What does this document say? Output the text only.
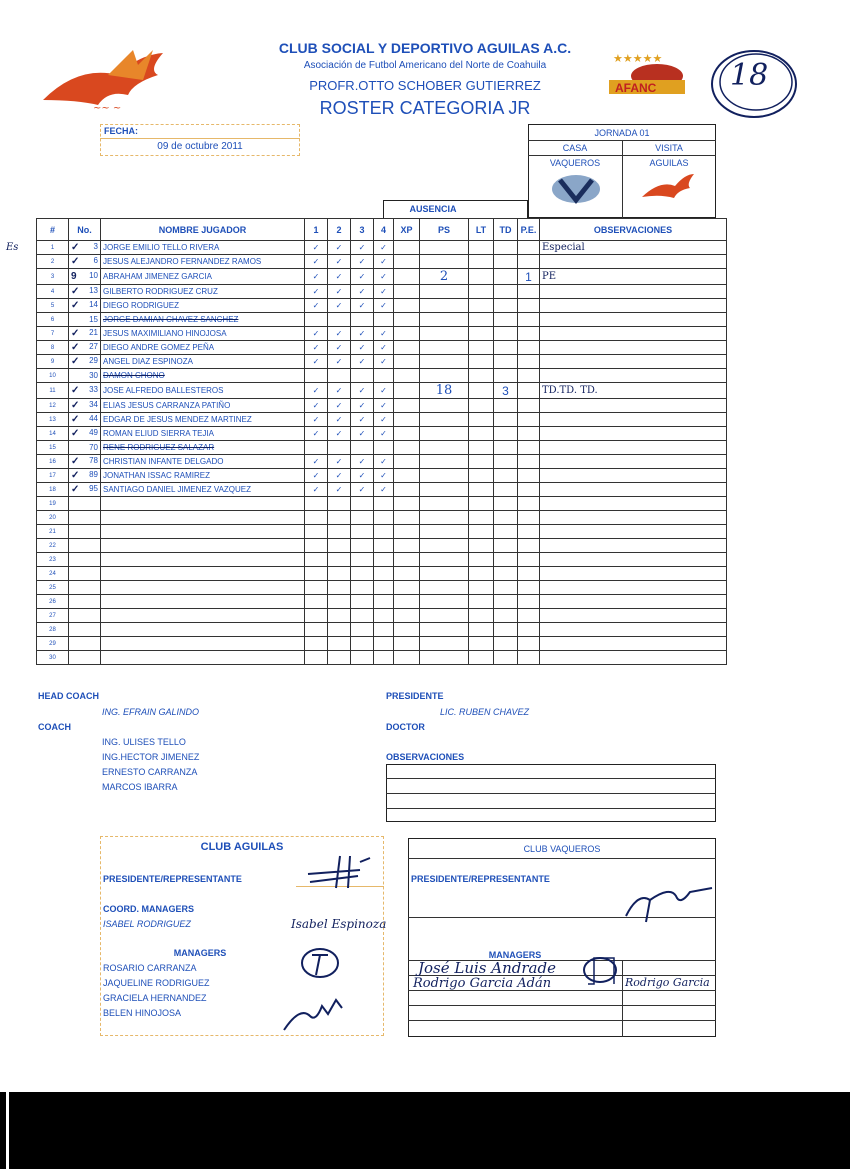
CLUB SOCIAL Y DEPORTIVO AGUILAS A.C.
Asociación de Futbol Americano del Norte de Coahuila
PROFR.OTTO SCHOBER GUTIERREZ
ROSTER CATEGORIA JR
~~ ~
★★★★★
AFANC 18
Es
FECHA:
09 de octubre 2011
JORNADA 01
CASA	VISITA
VAQUEROS	AGUILAS
AUSENCIA
#	No.	NOMBRE JUGADOR	1	2	3	4	XP	PS	LT	TD	P.E.	OBSERVACIONES
1	✓ 3	JORGE EMILIO TELLO RIVERA	✓	✓	✓	✓						Especial
2	✓ 6	JESUS ALEJANDRO FERNANDEZ RAMOS	✓	✓	✓	✓						
3	9 10	ABRAHAM JIMENEZ GARCIA	✓	✓	✓	✓		2			1	PE
4	✓ 13	GILBERTO RODRIGUEZ CRUZ	✓	✓	✓	✓						
5	✓ 14	DIEGO RODRIGUEZ	✓	✓	✓	✓						
6	15	JORGE DAMIAN CHAVEZ SANCHEZ										
7	✓ 21	JESUS MAXIMILIANO HINOJOSA	✓	✓	✓	✓						
8	✓ 27	DIEGO ANDRE GOMEZ PEÑA	✓	✓	✓	✓						
9	✓ 29	ANGEL DIAZ ESPINOZA	✓	✓	✓	✓						
10	30	DAMON CHONO										
11	✓ 33	JOSE ALFREDO BALLESTEROS	✓	✓	✓	✓		18		3		TD.TD. TD.
12	✓ 34	ELIAS JESUS CARRANZA PATIÑO	✓	✓	✓	✓						
13	✓ 44	EDGAR DE JESUS MENDEZ MARTINEZ	✓	✓	✓	✓						
14	✓ 49	ROMAN ELIUD SIERRA TEJIA	✓	✓	✓	✓						
15	70	RENE RODRIGUEZ SALAZAR										
16	✓ 78	CHRISTIAN INFANTE DELGADO	✓	✓	✓	✓						
17	✓ 89	JONATHAN ISSAC RAMIREZ	✓	✓	✓	✓						
18	✓ 95	SANTIAGO DANIEL JIMENEZ VAZQUEZ	✓	✓	✓	✓						
19												
20												
21												
22												
23												
24												
25												
26												
27												
28												
29												
30												
HEAD COACH
ING. EFRAIN GALINDO
COACH
ING. ULISES TELLO
ING.HECTOR JIMENEZ
ERNESTO CARRANZA
MARCOS IBARRA
PRESIDENTE
LIC. RUBEN CHAVEZ
DOCTOR
OBSERVACIONES
CLUB AGUILAS
PRESIDENTE/REPRESENTANTE
COORD. MANAGERS
ISABEL RODRIGUEZ	Isabel Espinoza
MANAGERS
ROSARIO CARRANZA
JAQUELINE RODRIGUEZ
GRACIELA HERNANDEZ
BELEN HINOJOSA
CLUB VAQUEROS
PRESIDENTE/REPRESENTANTE
MANAGERS
José Luis Andrade
Rodrigo Garcia Adán	Rodrigo Garcia
